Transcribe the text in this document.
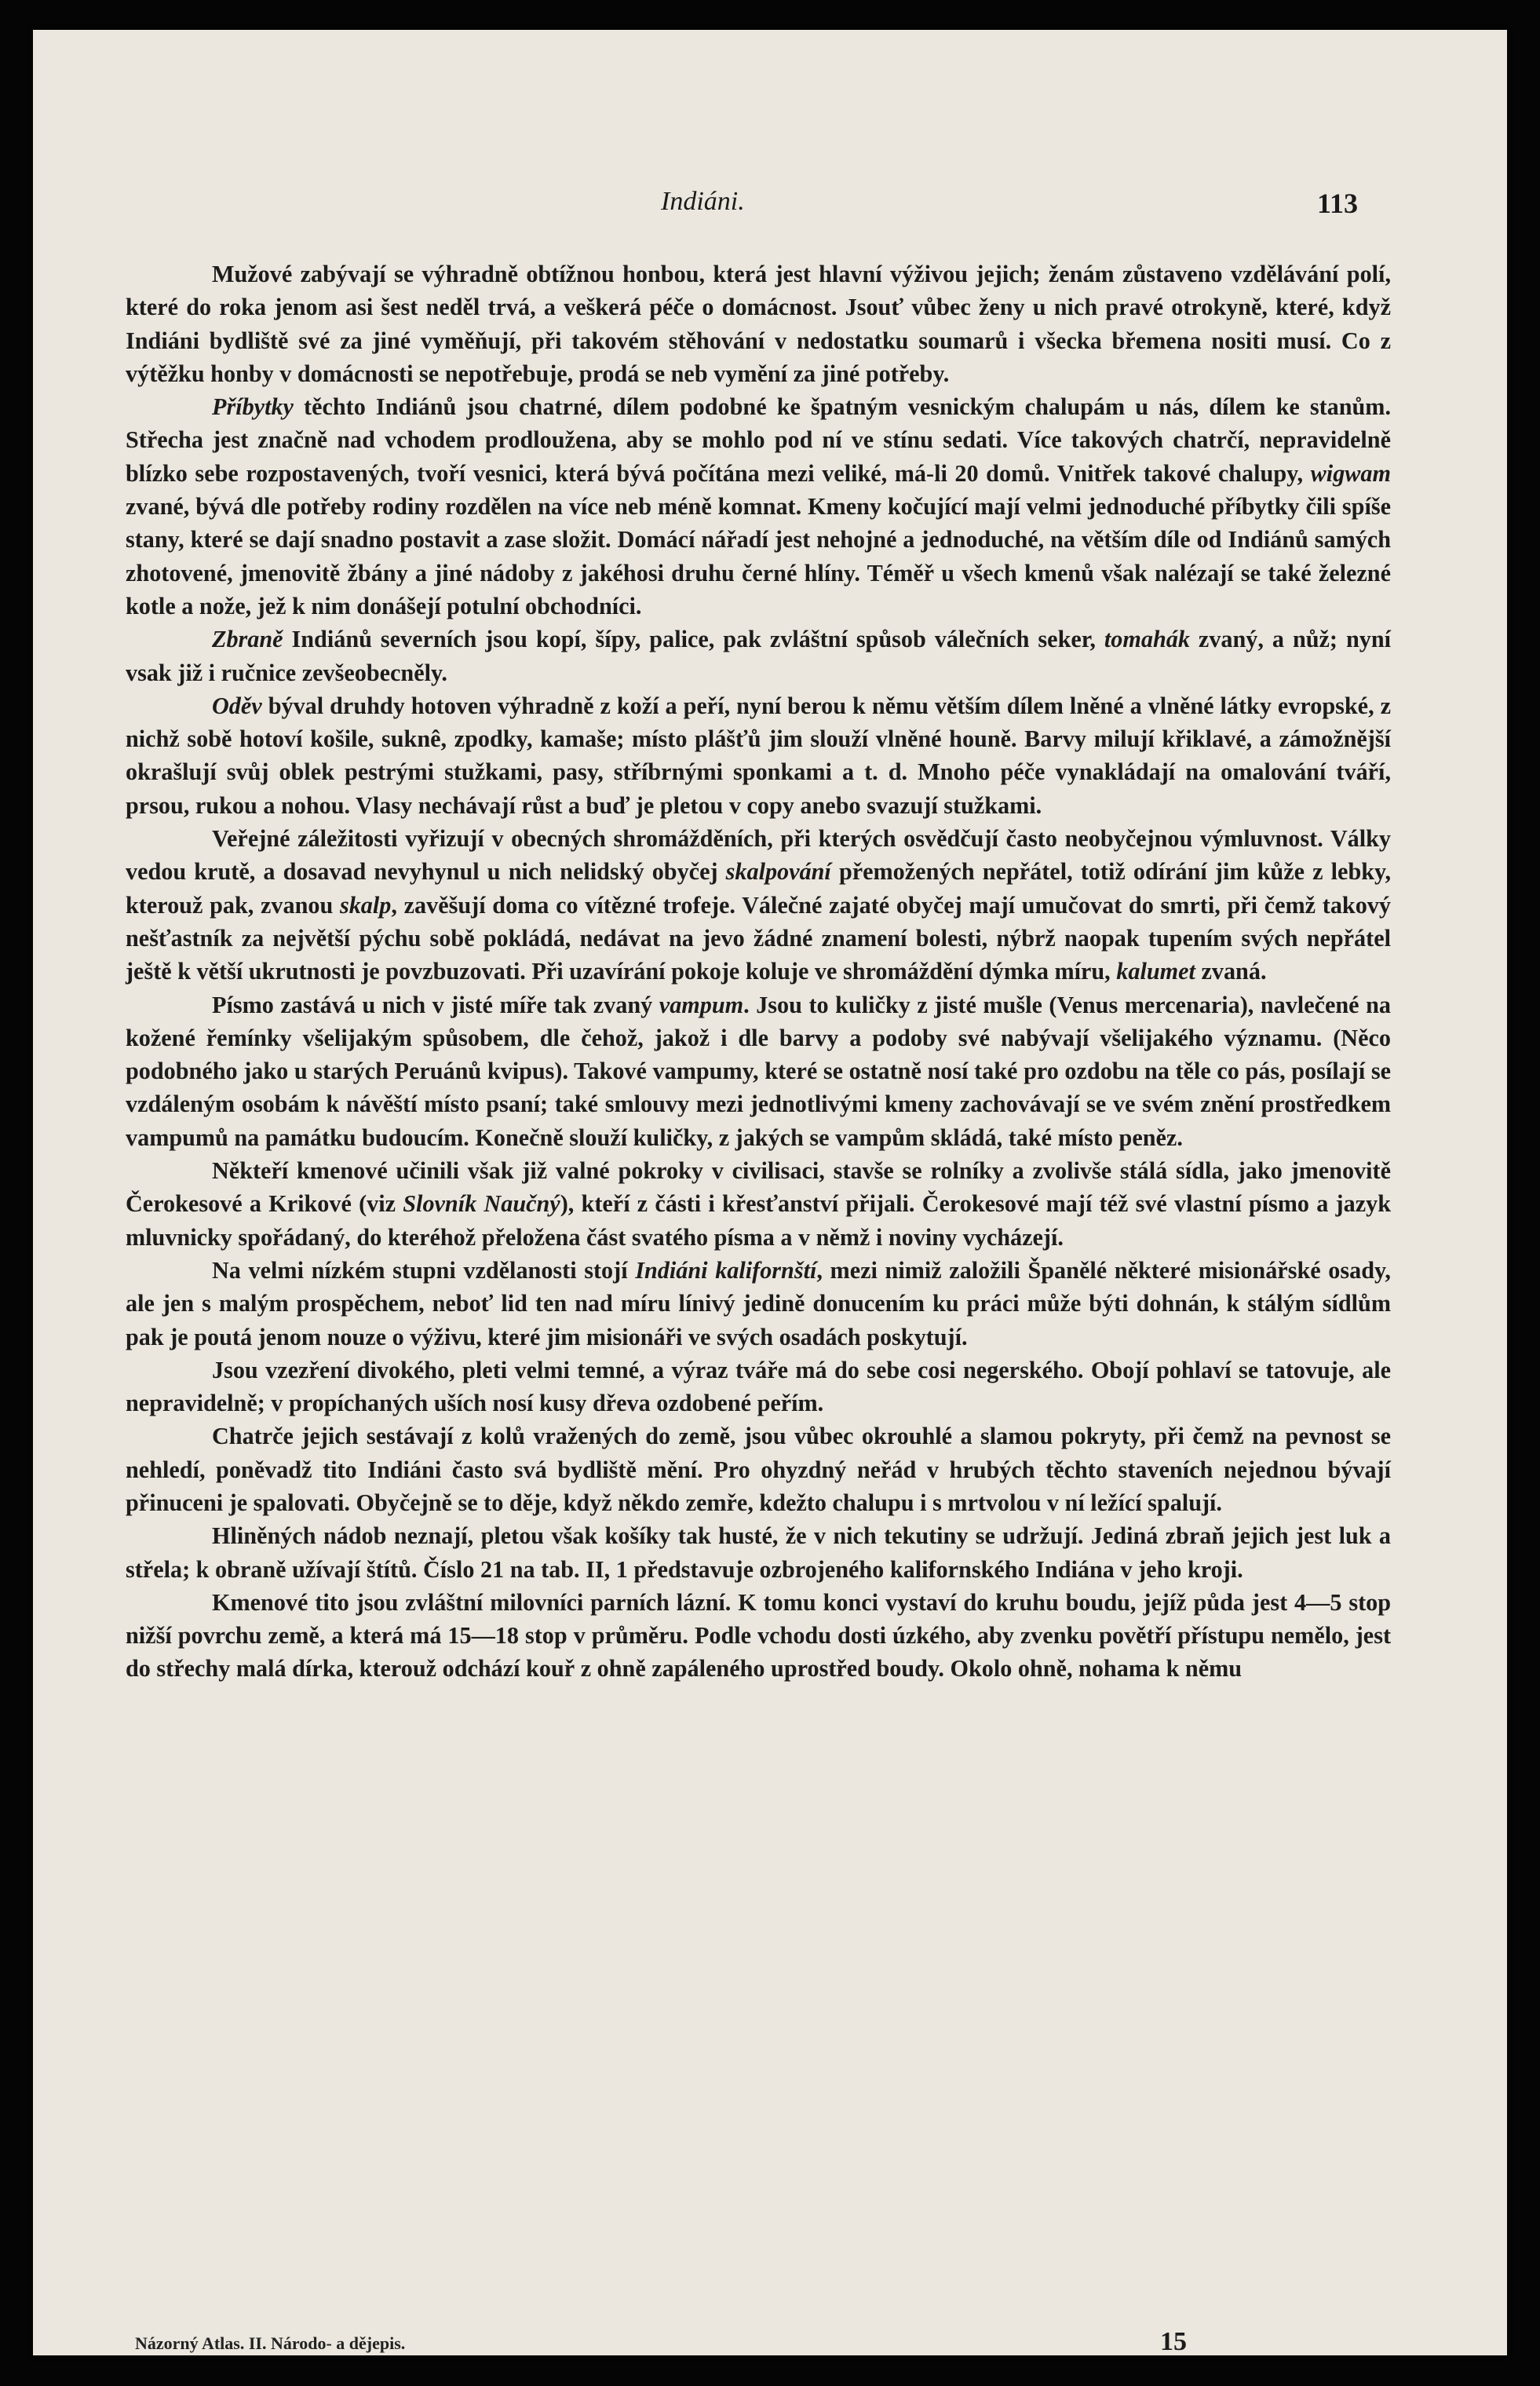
Indiáni.	113

Mužové zabývají se výhradně obtížnou honbou, která jest hlavní výživou jejich; ženám zůstaveno vzdělávání polí, které do roka jenom asi šest neděl trvá, a veškerá péče o domácnost. Jsouť vůbec ženy u nich pravé otrokyně, které, když Indiáni bydliště své za jiné vyměňují, při takovém stěhování v nedostatku soumarů i všecka břemena nositi musí. Co z výtěžku honby v domácnosti se nepotřebuje, prodá se neb vymění za jiné potřeby.

Příbytky těchto Indiánů jsou chatrné, dílem podobné ke špatným vesnickým chalupám u nás, dílem ke stanům. Střecha jest značně nad vchodem prodloužena, aby se mohlo pod ní ve stínu sedati. Více takových chatrčí, nepravidelně blízko sebe rozpostavených, tvoří vesnici, která bývá počítána mezi veliké, má-li 20 domů. Vnitřek takové chalupy, wigwam zvané, bývá dle potřeby rodiny rozdělen na více neb méně komnat. Kmeny kočující mají velmi jednoduché příbytky čili spíše stany, které se dají snadno postavit a zase složit. Domácí nářadí jest nehojné a jednoduché, na větším díle od Indiánů samých zhotovené, jmenovitě žbány a jiné nádoby z jakéhosi druhu černé hlíny. Téměř u všech kmenů však nalézají se také železné kotle a nože, jež k nim donášejí potulní obchodníci.

Zbraně Indiánů severních jsou kopí, šípy, palice, pak zvláštní spůsob válečních seker, tomahák zvaný, a nůž; nyní vsak již i ručnice zevšeobecněly.

Oděv býval druhdy hotoven výhradně z koží a peří, nyní berou k němu větším dílem lněné a vlněné látky evropské, z nichž sobě hotoví košile, suknê, zpodky, kamaše; místo plášťů jim slouží vlněné houně. Barvy milují křiklavé, a zámožnější okrašlují svůj oblek pestrými stužkami, pasy, stříbrnými sponkami a t. d. Mnoho péče vynakládají na omalování tváří, prsou, rukou a nohou. Vlasy nechávají růst a buď je pletou v copy anebo svazují stužkami.

Veřejné záležitosti vyřizují v obecných shromážděních, při kterých osvědčují často neobyčejnou výmluvnost. Války vedou krutě, a dosavad nevyhynul u nich nelidský obyčej skalpování přemožených nepřátel, totiž odírání jim kůže z lebky, kterouž pak, zvanou skalp, zavěšují doma co vítězné trofeje. Válečné zajaté obyčej mají umučovat do smrti, při čemž takový nešťastník za největší pýchu sobě pokládá, nedávat na jevo žádné znamení bolesti, nýbrž naopak tupením svých nepřátel ještě k větší ukrutnosti je povzbuzovati. Při uzavírání pokoje koluje ve shromáždění dýmka míru, kalumet zvaná.

Písmo zastává u nich v jisté míře tak zvaný vampum. Jsou to kuličky z jisté mušle (Venus mercenaria), navlečené na kožené řemínky všelijakým spůsobem, dle čehož, jakož i dle barvy a podoby své nabývají všelijakého významu. (Něco podobného jako u starých Peruánů kvipus). Takové vampumy, které se ostatně nosí také pro ozdobu na těle co pás, posílají se vzdáleným osobám k návěští místo psaní; také smlouvy mezi jednotlivými kmeny zachovávají se ve svém znění prostředkem vampumů na památku budoucím. Konečně slouží kuličky, z jakých se vampům skládá, také místo peněz.

Někteří kmenové učinili však již valné pokroky v civilisaci, stavše se rolníky a zvolivše stálá sídla, jako jmenovitě Čerokesové a Krikové (viz Slovník Naučný), kteří z části i křesťanství přijali. Čerokesové mají též své vlastní písmo a jazyk mluvnicky spořádaný, do kteréhož přeložena část svatého písma a v němž i noviny vycházejí.

Na velmi nízkém stupni vzdělanosti stojí Indiáni kalifornští, mezi nimiž založili Španělé některé misionářské osady, ale jen s malým prospěchem, neboť lid ten nad míru línivý jedině donucením ku práci může býti dohnán, k stálým sídlům pak je poutá jenom nouze o výživu, které jim misionáři ve svých osadách poskytují.

Jsou vzezření divokého, pleti velmi temné, a výraz tváře má do sebe cosi negerského. Obojí pohlaví se tatovuje, ale nepravidelně; v propíchaných uších nosí kusy dřeva ozdobené peřím.

Chatrče jejich sestávají z kolů vražených do země, jsou vůbec okrouhlé a slamou pokryty, při čemž na pevnost se nehledí, poněvadž tito Indiáni často svá bydliště mění. Pro ohyzdný neřád v hrubých těchto staveních nejednou bývají přinuceni je spalovati. Obyčejně se to děje, když někdo zemře, kdežto chalupu i s mrtvolou v ní ležící spalují.

Hliněných nádob neznají, pletou však košíky tak husté, že v nich tekutiny se udržují. Jediná zbraň jejich jest luk a střela; k obraně užívají štítů. Číslo 21 na tab. II, 1 představuje ozbrojeného kalifornského Indiána v jeho kroji.

Kmenové tito jsou zvláštní milovníci parních lázní. K tomu konci vystaví do kruhu boudu, jejíž půda jest 4—5 stop nižší povrchu země, a která má 15—18 stop v průměru. Podle vchodu dosti úzkého, aby zvenku povětří přístupu nemělo, jest do střechy malá dírka, kterouž odchází kouř z ohně zapáleného uprostřed boudy. Okolo ohně, nohama k němu

Názorný Atlas. II. Národo- a dějepis.	15
